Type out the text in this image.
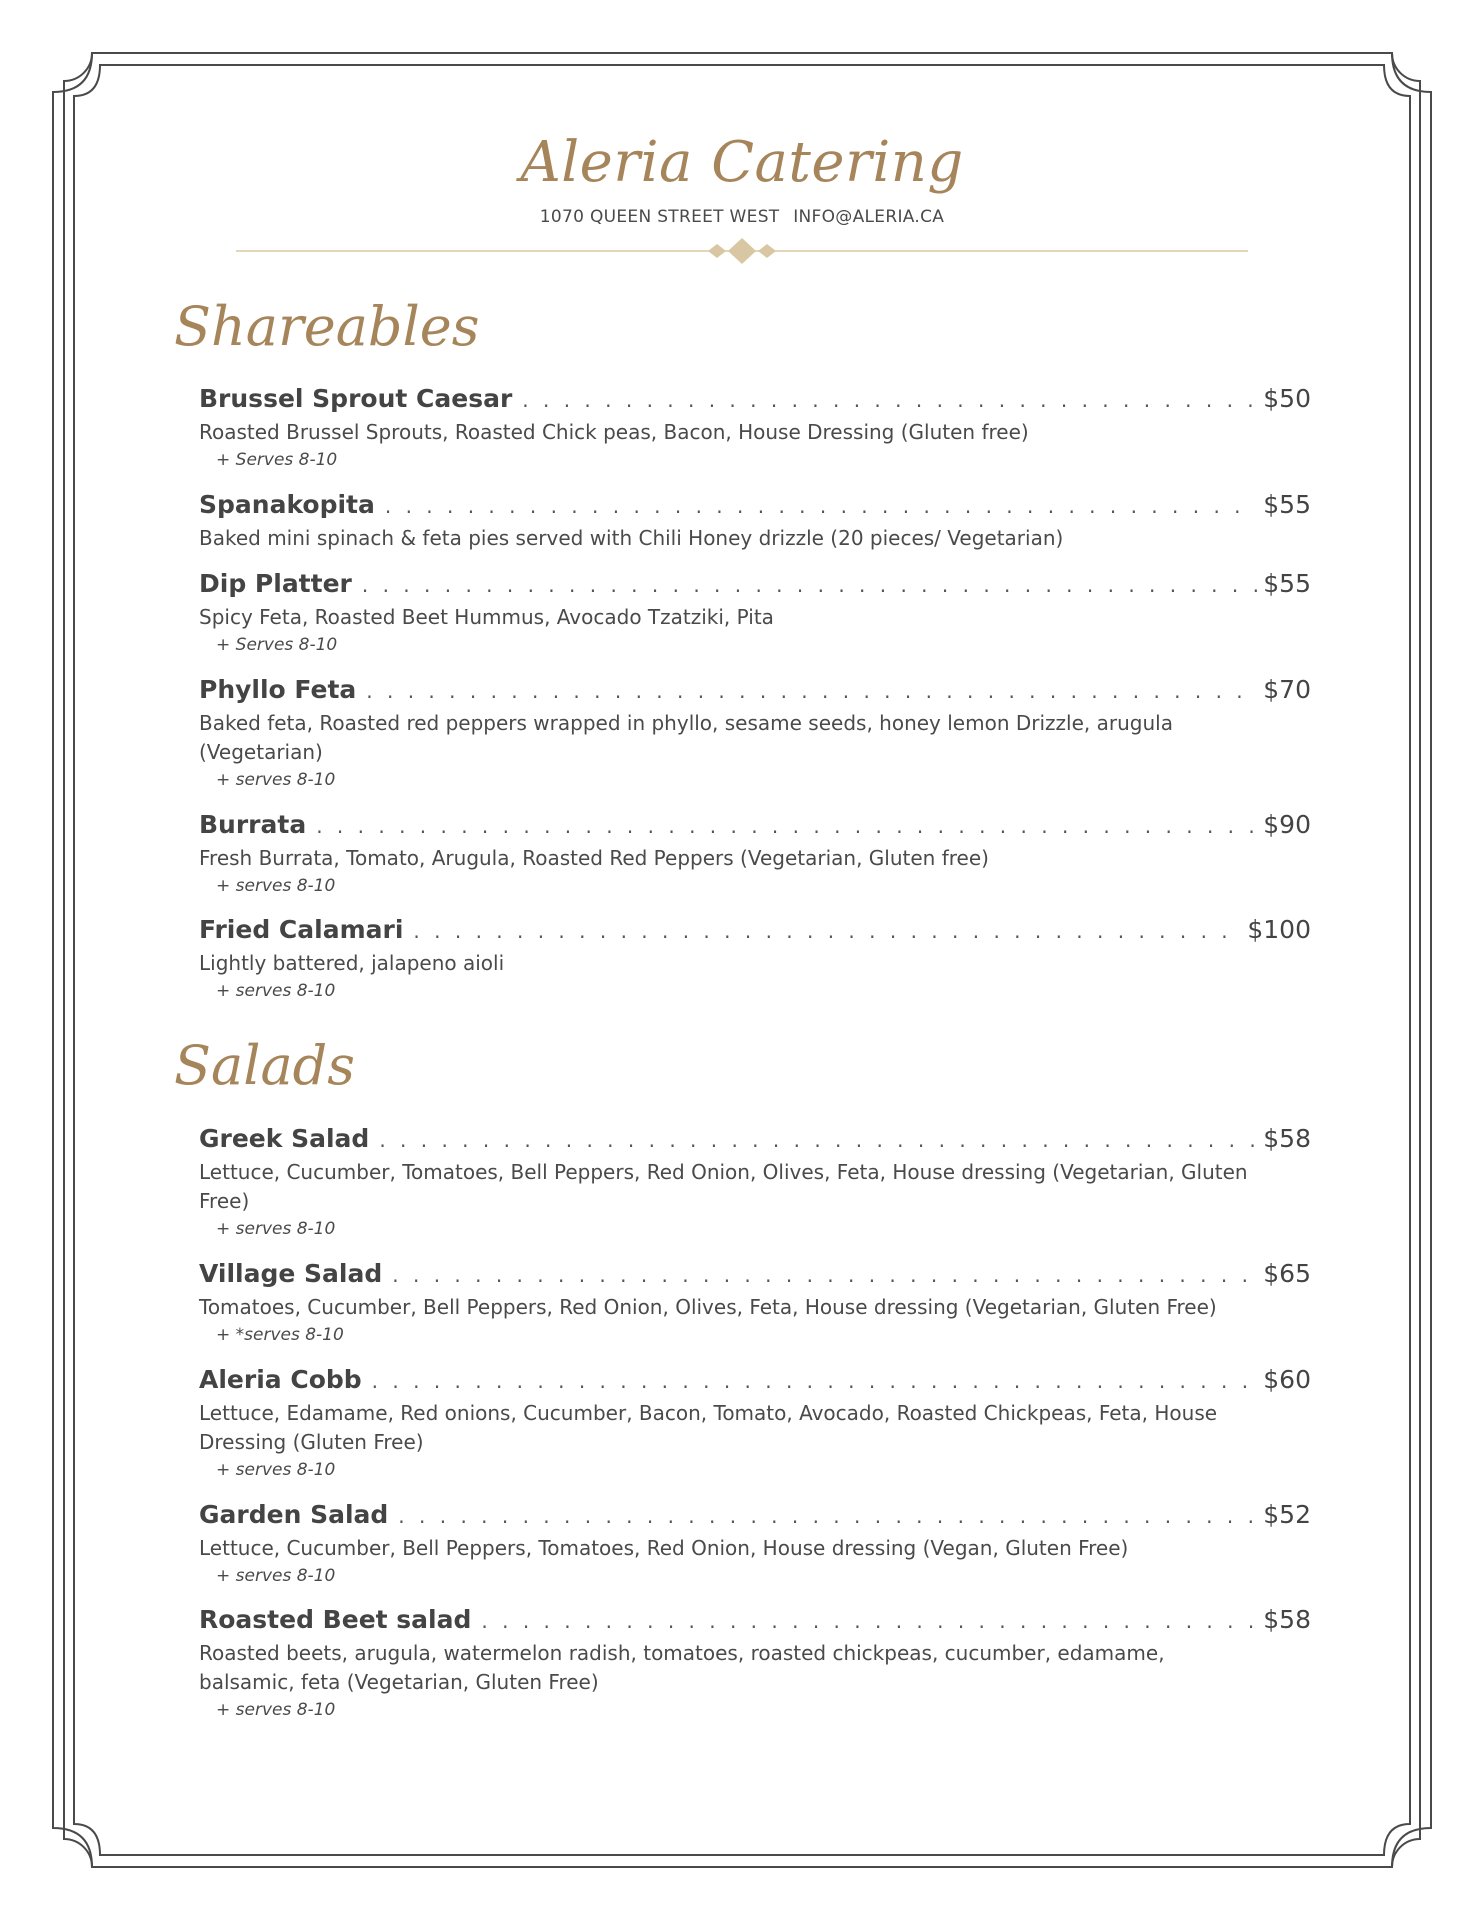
Aleria Catering
1070 QUEEN STREET WEST INFO@ALERIA.CA
Shareables
Brussel Sprout Caesar . . .	$50
Roasted Brussel Sprouts, Roasted Chick peas, Bacon, House Dressing (Gluten free)
+ Serves 8-10
Spanakopita . . .	$55
Baked mini spinach & feta pies served with Chili Honey drizzle (20 pieces/ Vegetarian)
Dip Platter . . .	$55
Spicy Feta, Roasted Beet Hummus, Avocado Tzatziki, Pita
+ Serves 8-10
Phyllo Feta . . .	$70
Baked feta, Roasted red peppers wrapped in phyllo, sesame seeds, honey lemon Drizzle, arugula (Vegetarian)
+ serves 8-10
Burrata . . .	$90
Fresh Burrata, Tomato, Arugula, Roasted Red Peppers (Vegetarian, Gluten free)
+ serves 8-10
Fried Calamari . . .	$100
Lightly battered, jalapeno aioli
+ serves 8-10
Salads
Greek Salad . . .	$58
Lettuce, Cucumber, Tomatoes, Bell Peppers, Red Onion, Olives, Feta, House dressing (Vegetarian, Gluten Free)
+ serves 8-10
Village Salad . . .	$65
Tomatoes, Cucumber, Bell Peppers, Red Onion, Olives, Feta, House dressing (Vegetarian, Gluten Free)
+ *serves 8-10
Aleria Cobb . . .	$60
Lettuce, Edamame, Red onions, Cucumber, Bacon, Tomato, Avocado, Roasted Chickpeas, Feta, House Dressing (Gluten Free)
+ serves 8-10
Garden Salad . . .	$52
Lettuce, Cucumber, Bell Peppers, Tomatoes, Red Onion, House dressing (Vegan, Gluten Free)
+ serves 8-10
Roasted Beet salad . . .	$58
Roasted beets, arugula, watermelon radish, tomatoes, roasted chickpeas, cucumber, edamame, balsamic, feta (Vegetarian, Gluten Free)
+ serves 8-10
